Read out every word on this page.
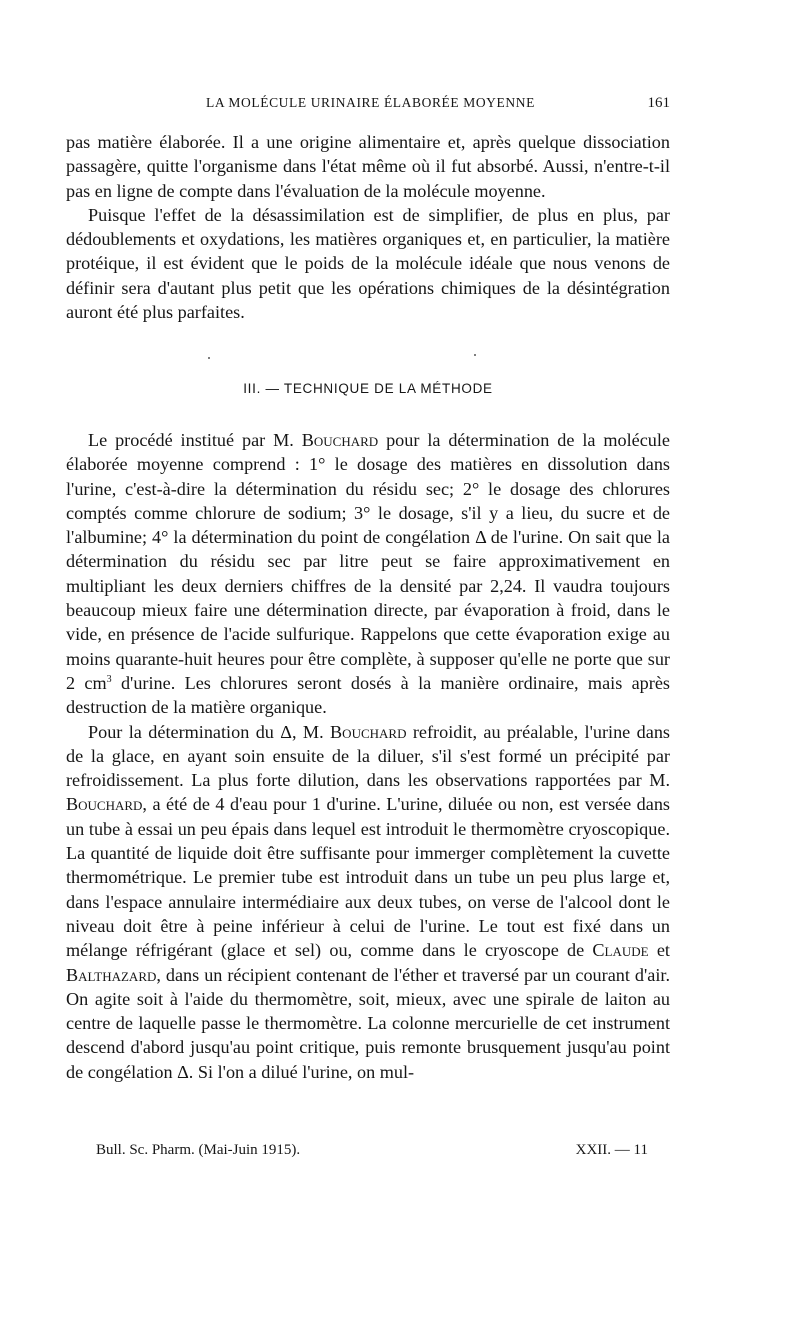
LA MOLÉCULE URINAIRE ÉLABORÉE MOYENNE	161

pas matière élaborée. Il a une origine alimentaire et, après quelque dissociation passagère, quitte l'organisme dans l'état même où il fut absorbé. Aussi, n'entre-t-il pas en ligne de compte dans l'évaluation de la molécule moyenne.

Puisque l'effet de la désassimilation est de simplifier, de plus en plus, par dédoublements et oxydations, les matières organiques et, en particulier, la matière protéique, il est évident que le poids de la molécule idéale que nous venons de définir sera d'autant plus petit que les opérations chimiques de la désintégration auront été plus parfaites.

III. — TECHNIQUE DE LA MÉTHODE

Le procédé institué par M. Bouchard pour la détermination de la molécule élaborée moyenne comprend : 1° le dosage des matières en dissolution dans l'urine, c'est-à-dire la détermination du résidu sec; 2° le dosage des chlorures comptés comme chlorure de sodium; 3° le dosage, s'il y a lieu, du sucre et de l'albumine; 4° la détermination du point de congélation Δ de l'urine. On sait que la détermination du résidu sec par litre peut se faire approximativement en multipliant les deux derniers chiffres de la densité par 2,24. Il vaudra toujours beaucoup mieux faire une détermination directe, par évaporation à froid, dans le vide, en présence de l'acide sulfurique. Rappelons que cette évaporation exige au moins quarante-huit heures pour être complète, à supposer qu'elle ne porte que sur 2 $cm^3$ d'urine. Les chlorures seront dosés à la manière ordinaire, mais après destruction de la matière organique.

Pour la détermination du Δ, M. Bouchard refroidit, au préalable, l'urine dans de la glace, en ayant soin ensuite de la diluer, s'il s'est formé un précipité par refroidissement. La plus forte dilution, dans les observations rapportées par M. Bouchard, a été de 4 d'eau pour 1 d'urine. L'urine, diluée ou non, est versée dans un tube à essai un peu épais dans lequel est introduit le thermomètre cryoscopique. La quantité de liquide doit être suffisante pour immerger complètement la cuvette thermométrique. Le premier tube est introduit dans un tube un peu plus large et, dans l'espace annulaire intermédiaire aux deux tubes, on verse de l'alcool dont le niveau doit être à peine inférieur à celui de l'urine. Le tout est fixé dans un mélange réfrigérant (glace et sel) ou, comme dans le cryoscope de Claude et Balthazard, dans un récipient contenant de l'éther et traversé par un courant d'air. On agite soit à l'aide du thermomètre, soit, mieux, avec une spirale de laiton au centre de laquelle passe le thermomètre. La colonne mercurielle de cet instrument descend d'abord jusqu'au point critique, puis remonte brusquement jusqu'au point de congélation Δ. Si l'on a dilué l'urine, on mul-

Bull. Sc. Pharm. (Mai-Juin 1915).	XXII. — 11
